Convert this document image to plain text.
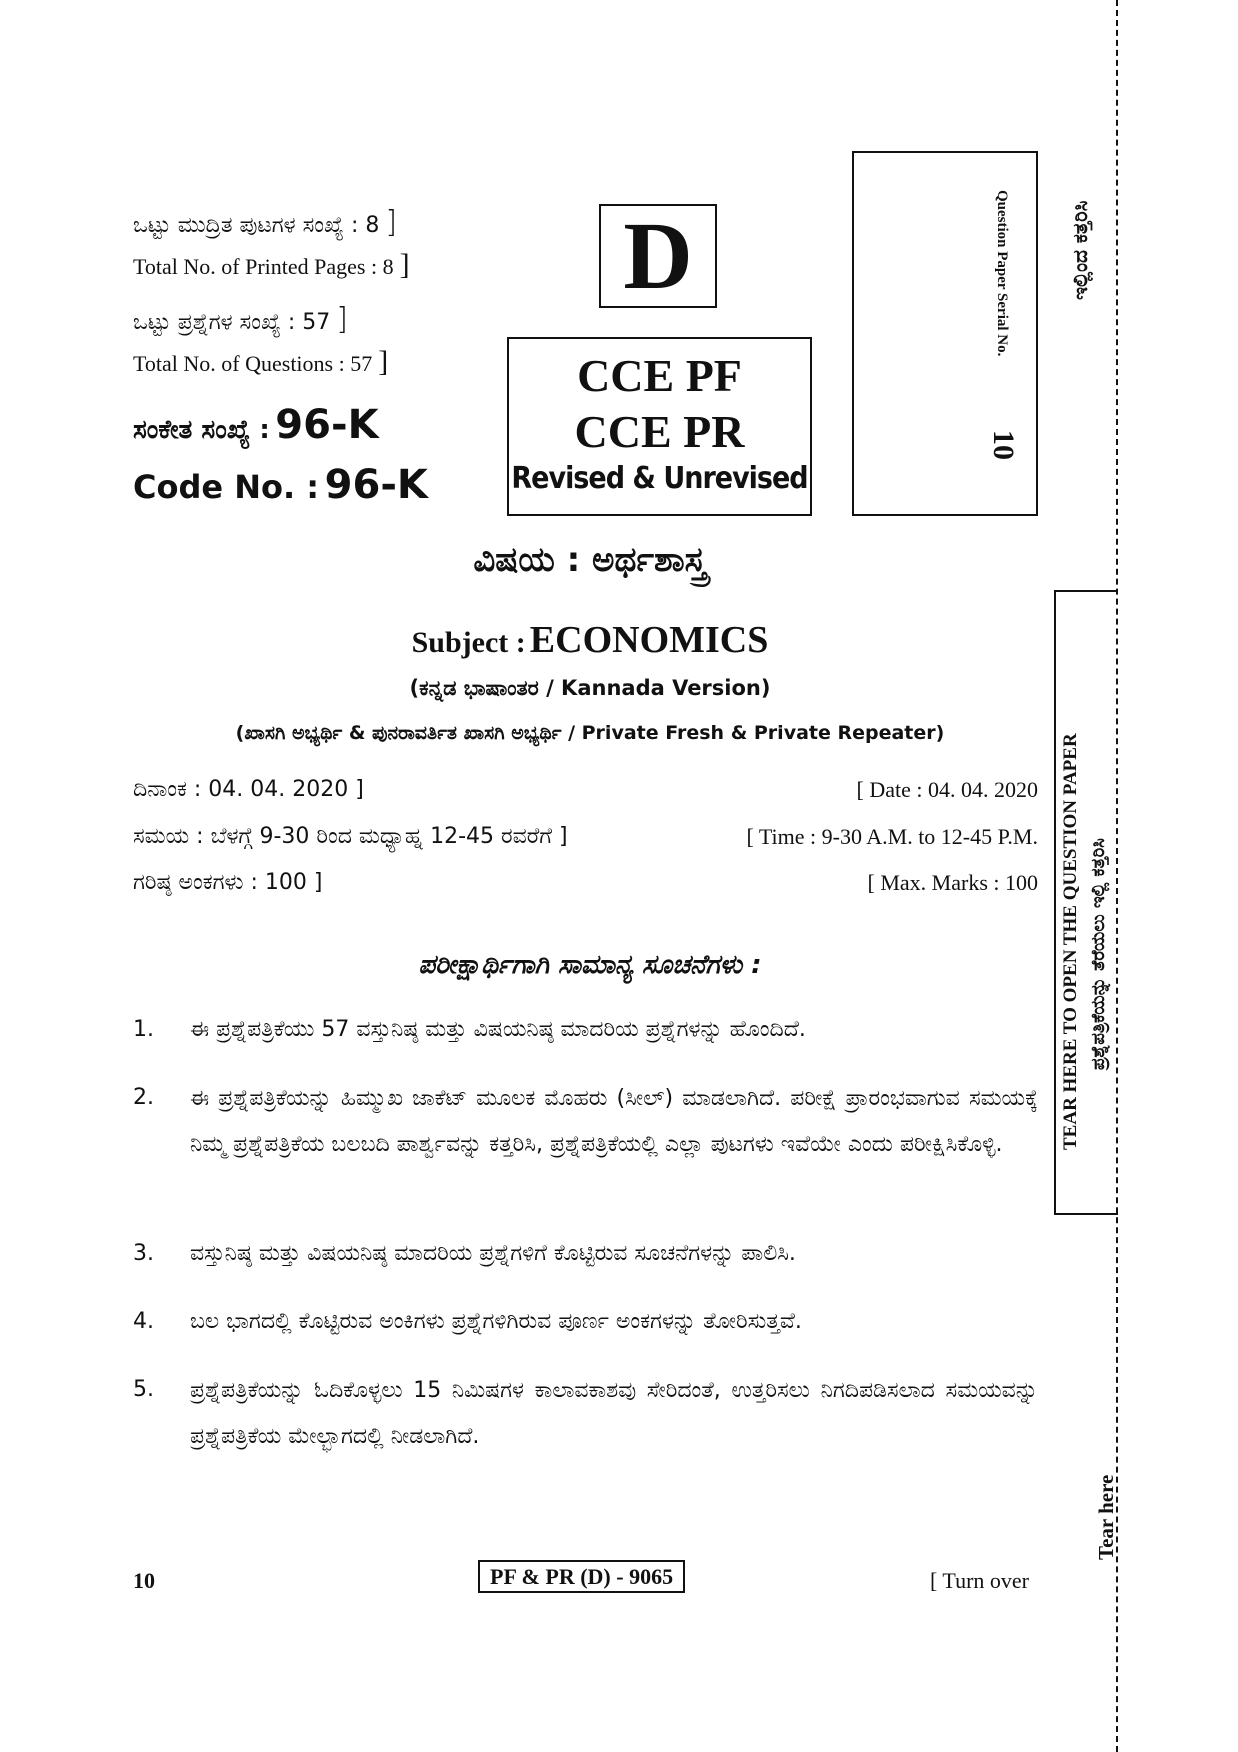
ಒಟ್ಟು ಮುದ್ರಿತ ಪುಟಗಳ ಸಂಖ್ಯೆ : 8 ]
Total No. of Printed Pages : 8 ]
ಒಟ್ಟು ಪ್ರಶ್ನೆಗಳ ಸಂಖ್ಯೆ : 57 ]
Total No. of Questions : 57 ]
ಸಂಕೇತ ಸಂಖ್ಯೆ : 96-K
Code No. : 96-K
D
CCE PF
CCE PR
Revised & Unrevised
Question Paper Serial No.
10
ಇಲ್ಲಿಂದ ಕತ್ತರಿಸಿ
TEAR HERE TO OPEN THE QUESTION PAPER ಪ್ರಶ್ನೆಪತ್ರಿಕೆಯನ್ನು ತೆರೆಯಲು ಇಲ್ಲಿ ಕತ್ತರಿಸಿ
Tear here
ವಿಷಯ : ಅರ್ಥಶಾಸ್ತ್ರ
Subject : ECONOMICS
(ಕನ್ನಡ ಭಾಷಾಂತರ / Kannada Version)
(ಖಾಸಗಿ ಅಭ್ಯರ್ಥಿ & ಪುನರಾವರ್ತಿತ ಖಾಸಗಿ ಅಭ್ಯರ್ಥಿ / Private Fresh & Private Repeater)
ದಿನಾಂಕ : 04. 04. 2020 ]	[ Date : 04. 04. 2020
ಸಮಯ : ಬೆಳಗ್ಗೆ 9-30 ರಿಂದ ಮಧ್ಯಾಹ್ನ 12-45 ರವರೆಗೆ ]	[ Time : 9-30 A.M. to 12-45 P.M.
ಗರಿಷ್ಠ ಅಂಕಗಳು : 100 ]	[ Max. Marks : 100
ಪರೀಕ್ಷಾರ್ಥಿಗಾಗಿ ಸಾಮಾನ್ಯ ಸೂಚನೆಗಳು :
1. ಈ ಪ್ರಶ್ನೆಪತ್ರಿಕೆಯು 57 ವಸ್ತುನಿಷ್ಠ ಮತ್ತು ವಿಷಯನಿಷ್ಠ ಮಾದರಿಯ ಪ್ರಶ್ನೆಗಳನ್ನು ಹೊಂದಿದೆ.
2. ಈ ಪ್ರಶ್ನೆಪತ್ರಿಕೆಯನ್ನು ಹಿಮ್ಮುಖ ಜಾಕೆಟ್ ಮೂಲಕ ಮೊಹರು (ಸೀಲ್) ಮಾಡಲಾಗಿದೆ. ಪರೀಕ್ಷೆ ಪ್ರಾರಂಭವಾಗುವ ಸಮಯಕ್ಕೆ ನಿಮ್ಮ ಪ್ರಶ್ನೆಪತ್ರಿಕೆಯ ಬಲಬದಿ ಪಾರ್ಶ್ವವನ್ನು ಕತ್ತರಿಸಿ, ಪ್ರಶ್ನೆಪತ್ರಿಕೆಯಲ್ಲಿ ಎಲ್ಲಾ ಪುಟಗಳು ಇವೆಯೇ ಎಂದು ಪರೀಕ್ಷಿಸಿಕೊಳ್ಳಿ.
3. ವಸ್ತುನಿಷ್ಠ ಮತ್ತು ವಿಷಯನಿಷ್ಠ ಮಾದರಿಯ ಪ್ರಶ್ನೆಗಳಿಗೆ ಕೊಟ್ಟಿರುವ ಸೂಚನೆಗಳನ್ನು ಪಾಲಿಸಿ.
4. ಬಲ ಭಾಗದಲ್ಲಿ ಕೊಟ್ಟಿರುವ ಅಂಕಿಗಳು ಪ್ರಶ್ನೆಗಳಿಗಿರುವ ಪೂರ್ಣ ಅಂಕಗಳನ್ನು ತೋರಿಸುತ್ತವೆ.
5. ಪ್ರಶ್ನೆಪತ್ರಿಕೆಯನ್ನು ಓದಿಕೊಳ್ಳಲು 15 ನಿಮಿಷಗಳ ಕಾಲಾವಕಾಶವು ಸೇರಿದಂತೆ, ಉತ್ತರಿಸಲು ನಿಗದಿಪಡಿಸಲಾದ ಸಮಯವನ್ನು ಪ್ರಶ್ನೆಪತ್ರಿಕೆಯ ಮೇಲ್ಭಾಗದಲ್ಲಿ ನೀಡಲಾಗಿದೆ.
10	PF & PR (D) - 9065	[ Turn over
